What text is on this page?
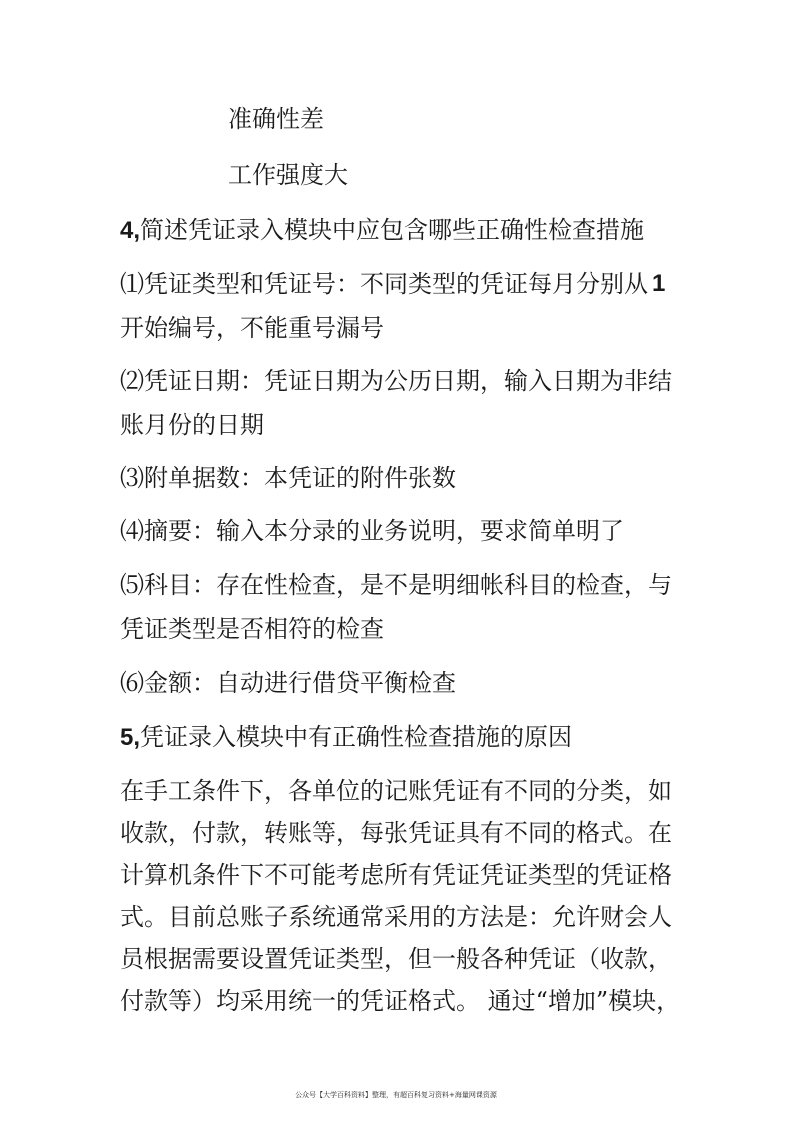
准确性差
工作强度大
4,简述凭证录入模块中应包含哪些正确性检查措施
⑴凭证类型和凭证号：不同类型的凭证每月分别从 1
开始编号，不能重号漏号
⑵凭证日期：凭证日期为公历日期，输入日期为非结
账月份的日期
⑶附单据数：本凭证的附件张数
⑷摘要：输入本分录的业务说明，要求简单明了
⑸科目：存在性检查，是不是明细帐科目的检查，与
凭证类型是否相符的检查
⑹金额：自动进行借贷平衡检查
5,凭证录入模块中有正确性检查措施的原因
在手工条件下，各单位的记账凭证有不同的分类，如
收款，付款，转账等，每张凭证具有不同的格式。在
计算机条件下不可能考虑所有凭证凭证类型的凭证格
式。目前总账子系统通常采用的方法是：允许财会人
员根据需要设置凭证类型，但一般各种凭证（收款，
付款等）均采用统一的凭证格式。 通过“增加”模块，
公众号【大学百科资料】整理，有超百科复习资料+海量网课资源
